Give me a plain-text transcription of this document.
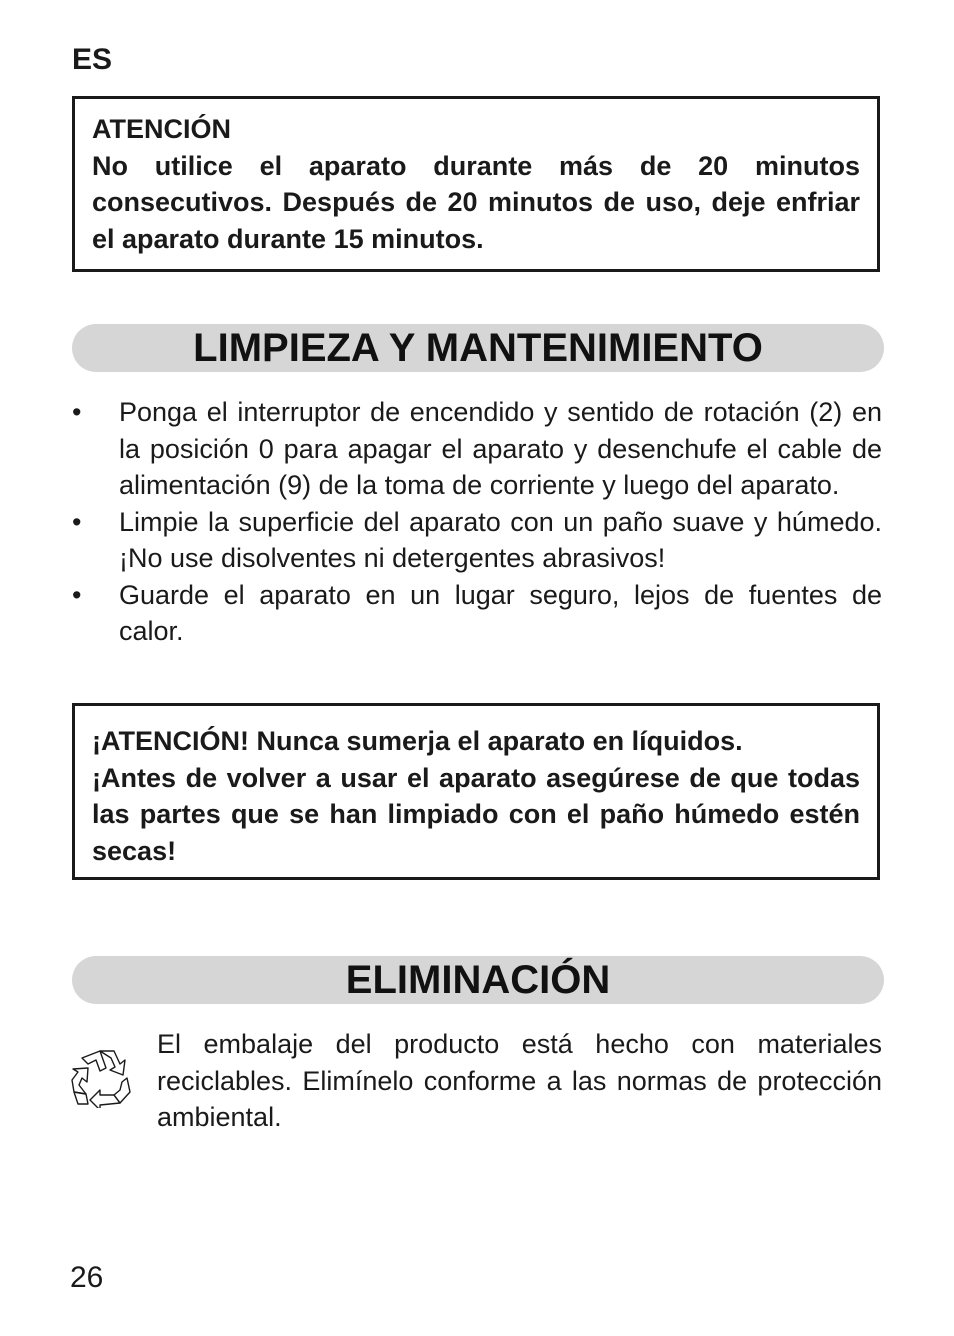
ES

ATENCIÓN

No utilice el aparato durante más de 20 minutos consecutivos. Después de 20 minutos de uso, deje enfriar el aparato durante 15 minutos.

LIMPIEZA Y MANTENIMIENTO
• Ponga el interruptor de encendido y sentido de rotación (2) en la posición 0 para apagar el aparato y desenchufe el cable de alimentación (9) de la toma de corriente y luego del aparato.
• Limpie la superficie del aparato con un paño suave y húmedo. ¡No use disolventes ni detergentes abrasivos!
• Guarde el aparato en un lugar seguro, lejos de fuentes de calor.

¡ATENCIÓN! Nunca sumerja el aparato en líquidos.

¡Antes de volver a usar el aparato asegúrese de que todas las partes que se han limpiado con el paño húmedo estén secas!

ELIMINACIÓN

El embalaje del producto está hecho con materiales reciclables. Elimínelo conforme a las normas de protección ambiental.

26
